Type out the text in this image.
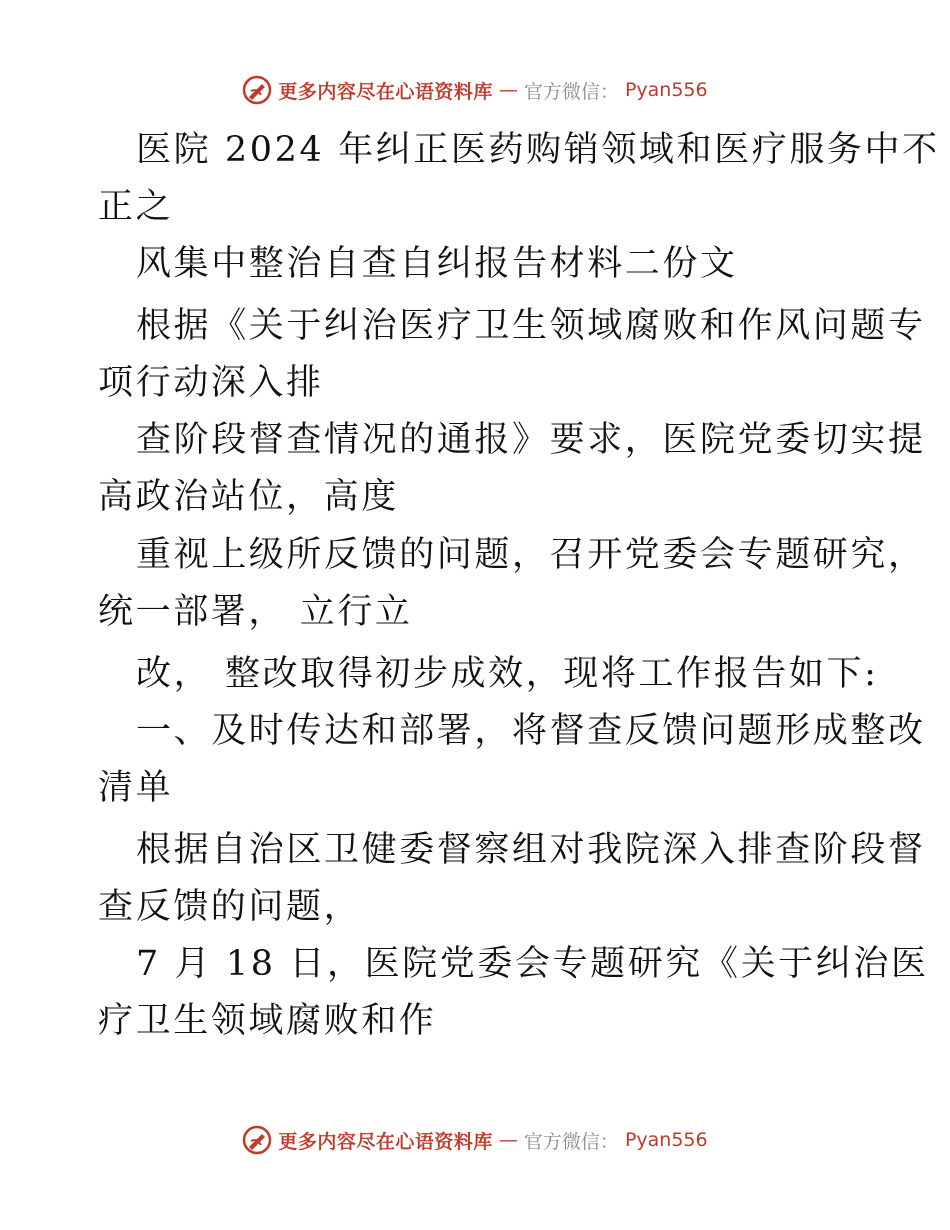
更多内容尽在心语资料库 — 官方微信： Pyan556
医院 2024 年纠正医药购销领域和医疗服务中不
正之
风集中整治自查自纠报告材料二份文
根据《关于纠治医疗卫生领域腐败和作风问题专
项行动深入排
查阶段督查情况的通报》要求，医院党委切实提
高政治站位，高度
重视上级所反馈的问题，召开党委会专题研究，
统一部署， 立行立
改， 整改取得初步成效，现将工作报告如下:
一、及时传达和部署，将督查反馈问题形成整改
清单
根据自治区卫健委督察组对我院深入排查阶段督
查反馈的问题，
7 月 18 日，医院党委会专题研究《关于纠治医
疗卫生领域腐败和作
更多内容尽在心语资料库 — 官方微信： Pyan556
